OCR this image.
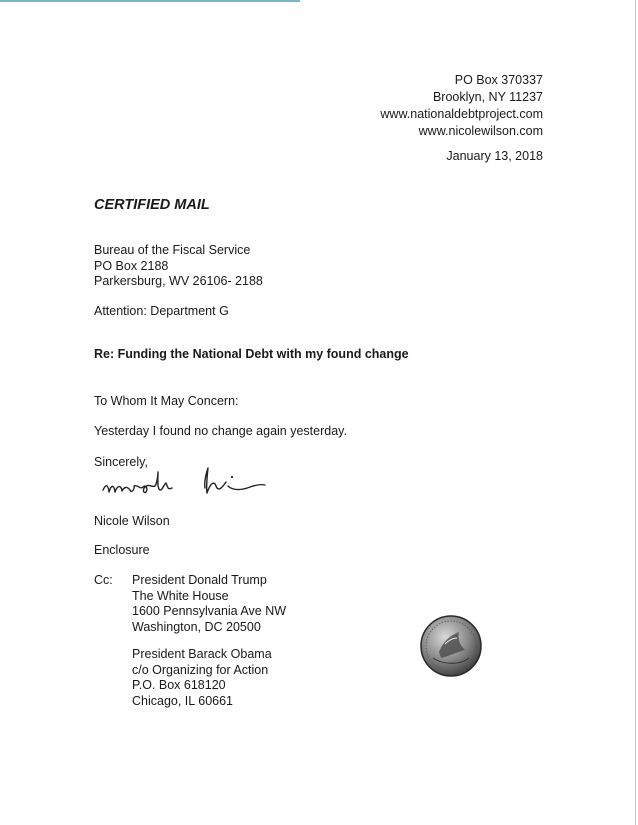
PO Box 370337
Brooklyn, NY 11237
www.nationaldebtproject.com
www.nicolewilson.com
January 13, 2018
CERTIFIED MAIL
Bureau of the Fiscal Service
PO Box 2188
Parkersburg, WV 26106- 2188
Attention: Department G
Re: Funding the National Debt with my found change
To Whom It May Concern:
Yesterday I found no change again yesterday.
Sincerely,
Nicole Wilson
Enclosure
Cc: President Donald Trump
The White House
1600 Pennsylvania Ave NW
Washington, DC 20500
President Barack Obama
c/o Organizing for Action
P.O. Box 618120
Chicago, IL 60661
